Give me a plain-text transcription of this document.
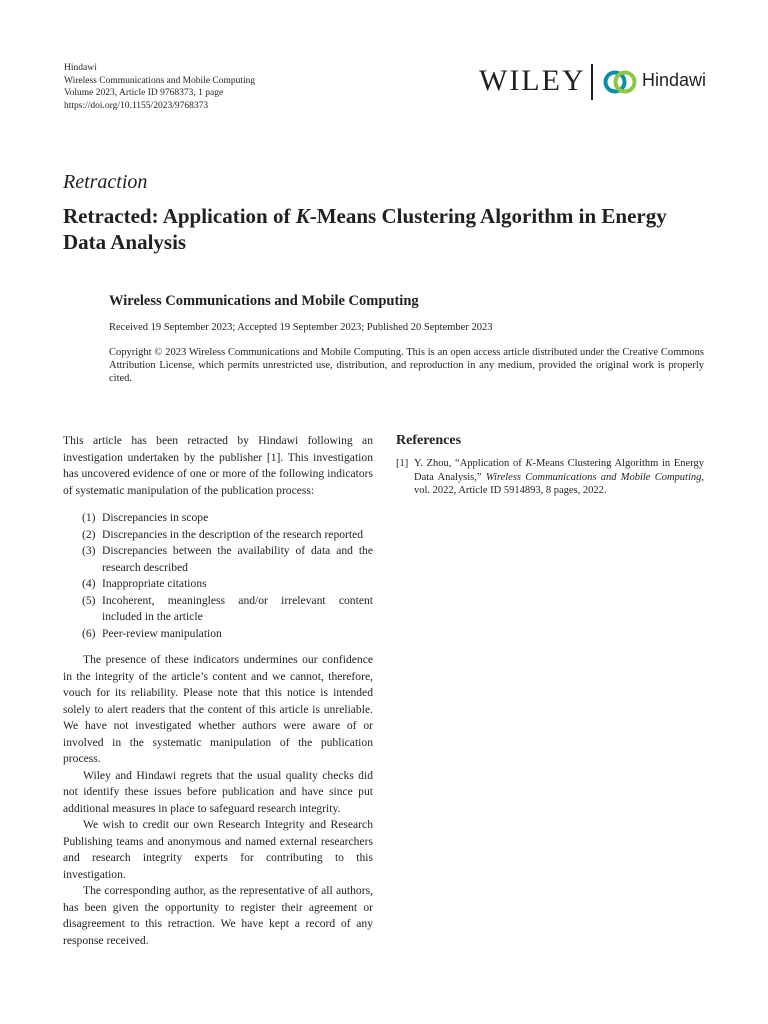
Hindawi
Wireless Communications and Mobile Computing
Volume 2023, Article ID 9768373, 1 page
https://doi.org/10.1155/2023/9768373
WILEY	Hindawi
Retraction
Retracted: Application of K-Means Clustering Algorithm in Energy Data Analysis
Wireless Communications and Mobile Computing
Received 19 September 2023; Accepted 19 September 2023; Published 20 September 2023
Copyright © 2023 Wireless Communications and Mobile Computing. This is an open access article distributed under the Creative Commons Attribution License, which permits unrestricted use, distribution, and reproduction in any medium, provided the original work is properly cited.

This article has been retracted by Hindawi following an investigation undertaken by the publisher [1]. This investigation has uncovered evidence of one or more of the following indicators of systematic manipulation of the publication process:

(1) Discrepancies in scope
(2) Discrepancies in the description of the research reported
(3) Discrepancies between the availability of data and the research described
(4) Inappropriate citations
(5) Incoherent, meaningless and/or irrelevant content included in the article
(6) Peer-review manipulation

The presence of these indicators undermines our confidence in the integrity of the article’s content and we cannot, therefore, vouch for its reliability. Please note that this notice is intended solely to alert readers that the content of this article is unreliable. We have not investigated whether authors were aware of or involved in the systematic manipulation of the publication process.

Wiley and Hindawi regrets that the usual quality checks did not identify these issues before publication and have since put additional measures in place to safeguard research integrity.

We wish to credit our own Research Integrity and Research Publishing teams and anonymous and named external researchers and research integrity experts for contributing to this investigation.

The corresponding author, as the representative of all authors, has been given the opportunity to register their agreement or disagreement to this retraction. We have kept a record of any response received.

References
[1] Y. Zhou, “Application of K-Means Clustering Algorithm in Energy Data Analysis,” Wireless Communications and Mobile Computing, vol. 2022, Article ID 5914893, 8 pages, 2022.
